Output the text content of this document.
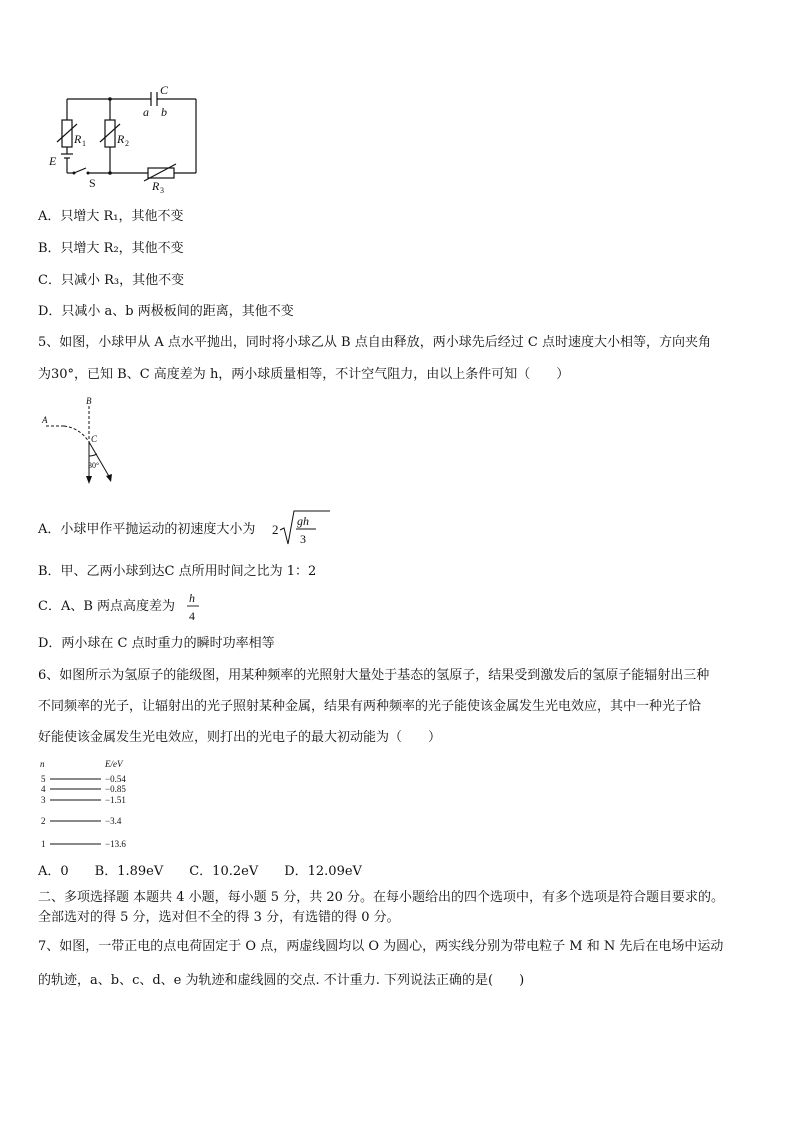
C
a b
R	R
R
E
1	2
3
S
A．只增大 R₁，其他不变
B．只增大 R₂，其他不变
C．只减小 R₃，其他不变
D．只减小 a、b 两极板间的距离，其他不变
5、如图，小球甲从 A 点水平抛出，同时将小球乙从 B 点自由释放，两小球先后经过 C 点时速度大小相等，方向夹角
为30°，已知 B、C 高度差为 h，两小球质量相等，不计空气阻力，由以上条件可知（　　）
A
B
C
30°
A．小球甲作平抛运动的初速度大小为 2
gh
3
B．甲、乙两小球到达C 点所用时间之比为 1：2
C．A、B 两点高度差为
h
4
D．两小球在 C 点时重力的瞬时功率相等
6、如图所示为氢原子的能级图，用某种频率的光照射大量处于基态的氢原子，结果受到激发后的氢原子能辐射出三种
不同频率的光子，让辐射出的光子照射某种金属，结果有两种频率的光子能使该金属发生光电效应，其中一种光子恰
好能使该金属发生光电效应，则打出的光电子的最大初动能为（　　）
n	E/eV
5	−0.54
4	−0.85
3	−1.51
2	−3.4
1	−13.6
A．0　　B．1.89eV　　C．10.2eV　　D．12.09eV
二、多项选择题 本题共 4 小题，每小题 5 分，共 20 分。在每小题给出的四个选项中，有多个选项是符合题目要求的。
全部选对的得 5 分，选对但不全的得 3 分，有选错的得 0 分。
7、如图，一带正电的点电荷固定于 O 点，两虚线圆均以 O 为圆心，两实线分别为带电粒子 M 和 N 先后在电场中运动
的轨迹，a、b、c、d、e 为轨迹和虚线圆的交点. 不计重力. 下列说法正确的是(　　)
